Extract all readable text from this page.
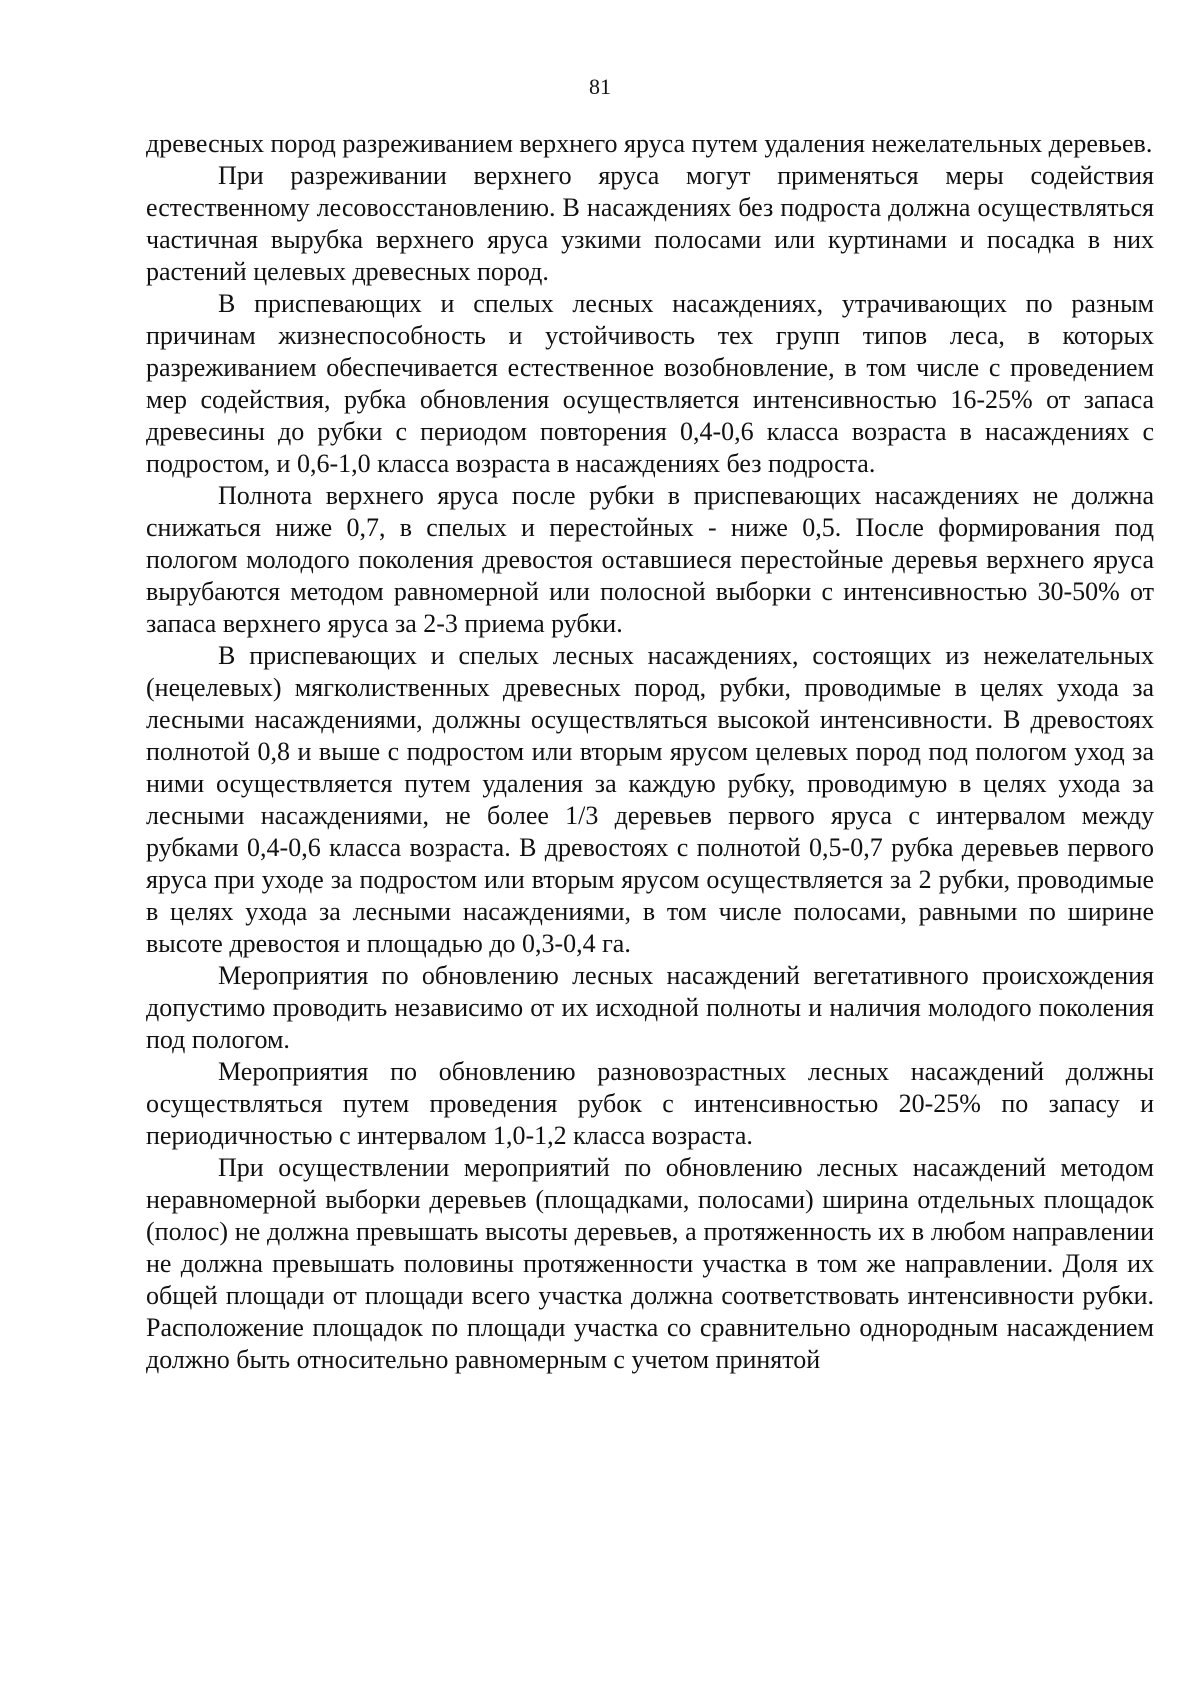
81

древесных пород разреживанием верхнего яруса путем удаления нежелательных деревьев.

При разреживании верхнего яруса могут применяться меры содействия естественному лесовосстановлению. В насаждениях без подроста должна осуществляться частичная вырубка верхнего яруса узкими полосами или куртинами и посадка в них растений целевых древесных пород.

В приспевающих и спелых лесных насаждениях, утрачивающих по разным причинам жизнеспособность и устойчивость тех групп типов леса, в которых разреживанием обеспечивается естественное возобновление, в том числе с проведением мер содействия, рубка обновления осуществляется интенсивностью 16-25% от запаса древесины до рубки с периодом повторения 0,4-0,6 класса возраста в насаждениях с подростом, и 0,6-1,0 класса возраста в насаждениях без подроста.

Полнота верхнего яруса после рубки в приспевающих насаждениях не должна снижаться ниже 0,7, в спелых и перестойных - ниже 0,5. После формирования под пологом молодого поколения древостоя оставшиеся перестойные деревья верхнего яруса вырубаются методом равномерной или полосной выборки с интенсивностью 30-50% от запаса верхнего яруса за 2-3 приема рубки.

В приспевающих и спелых лесных насаждениях, состоящих из нежелательных (нецелевых) мягколиственных древесных пород, рубки, проводимые в целях ухода за лесными насаждениями, должны осуществляться высокой интенсивности. В древостоях полнотой 0,8 и выше с подростом или вторым ярусом целевых пород под пологом уход за ними осуществляется путем удаления за каждую рубку, проводимую в целях ухода за лесными насаждениями, не более 1/3 деревьев первого яруса с интервалом между рубками 0,4-0,6 класса возраста. В древостоях с полнотой 0,5-0,7 рубка деревьев первого яруса при уходе за подростом или вторым ярусом осуществляется за 2 рубки, проводимые в целях ухода за лесными насаждениями, в том числе полосами, равными по ширине высоте древостоя и площадью до 0,3-0,4 га.

Мероприятия по обновлению лесных насаждений вегетативного происхождения допустимо проводить независимо от их исходной полноты и наличия молодого поколения под пологом.

Мероприятия по обновлению разновозрастных лесных насаждений должны осуществляться путем проведения рубок с интенсивностью 20-25% по запасу и периодичностью с интервалом 1,0-1,2 класса возраста.

При осуществлении мероприятий по обновлению лесных насаждений методом неравномерной выборки деревьев (площадками, полосами) ширина отдельных площадок (полос) не должна превышать высоты деревьев, а протяженность их в любом направлении не должна превышать половины протяженности участка в том же направлении. Доля их общей площади от площади всего участка должна соответствовать интенсивности рубки. Расположение площадок по площади участка со сравнительно однородным насаждением должно быть относительно равномерным с учетом принятой
